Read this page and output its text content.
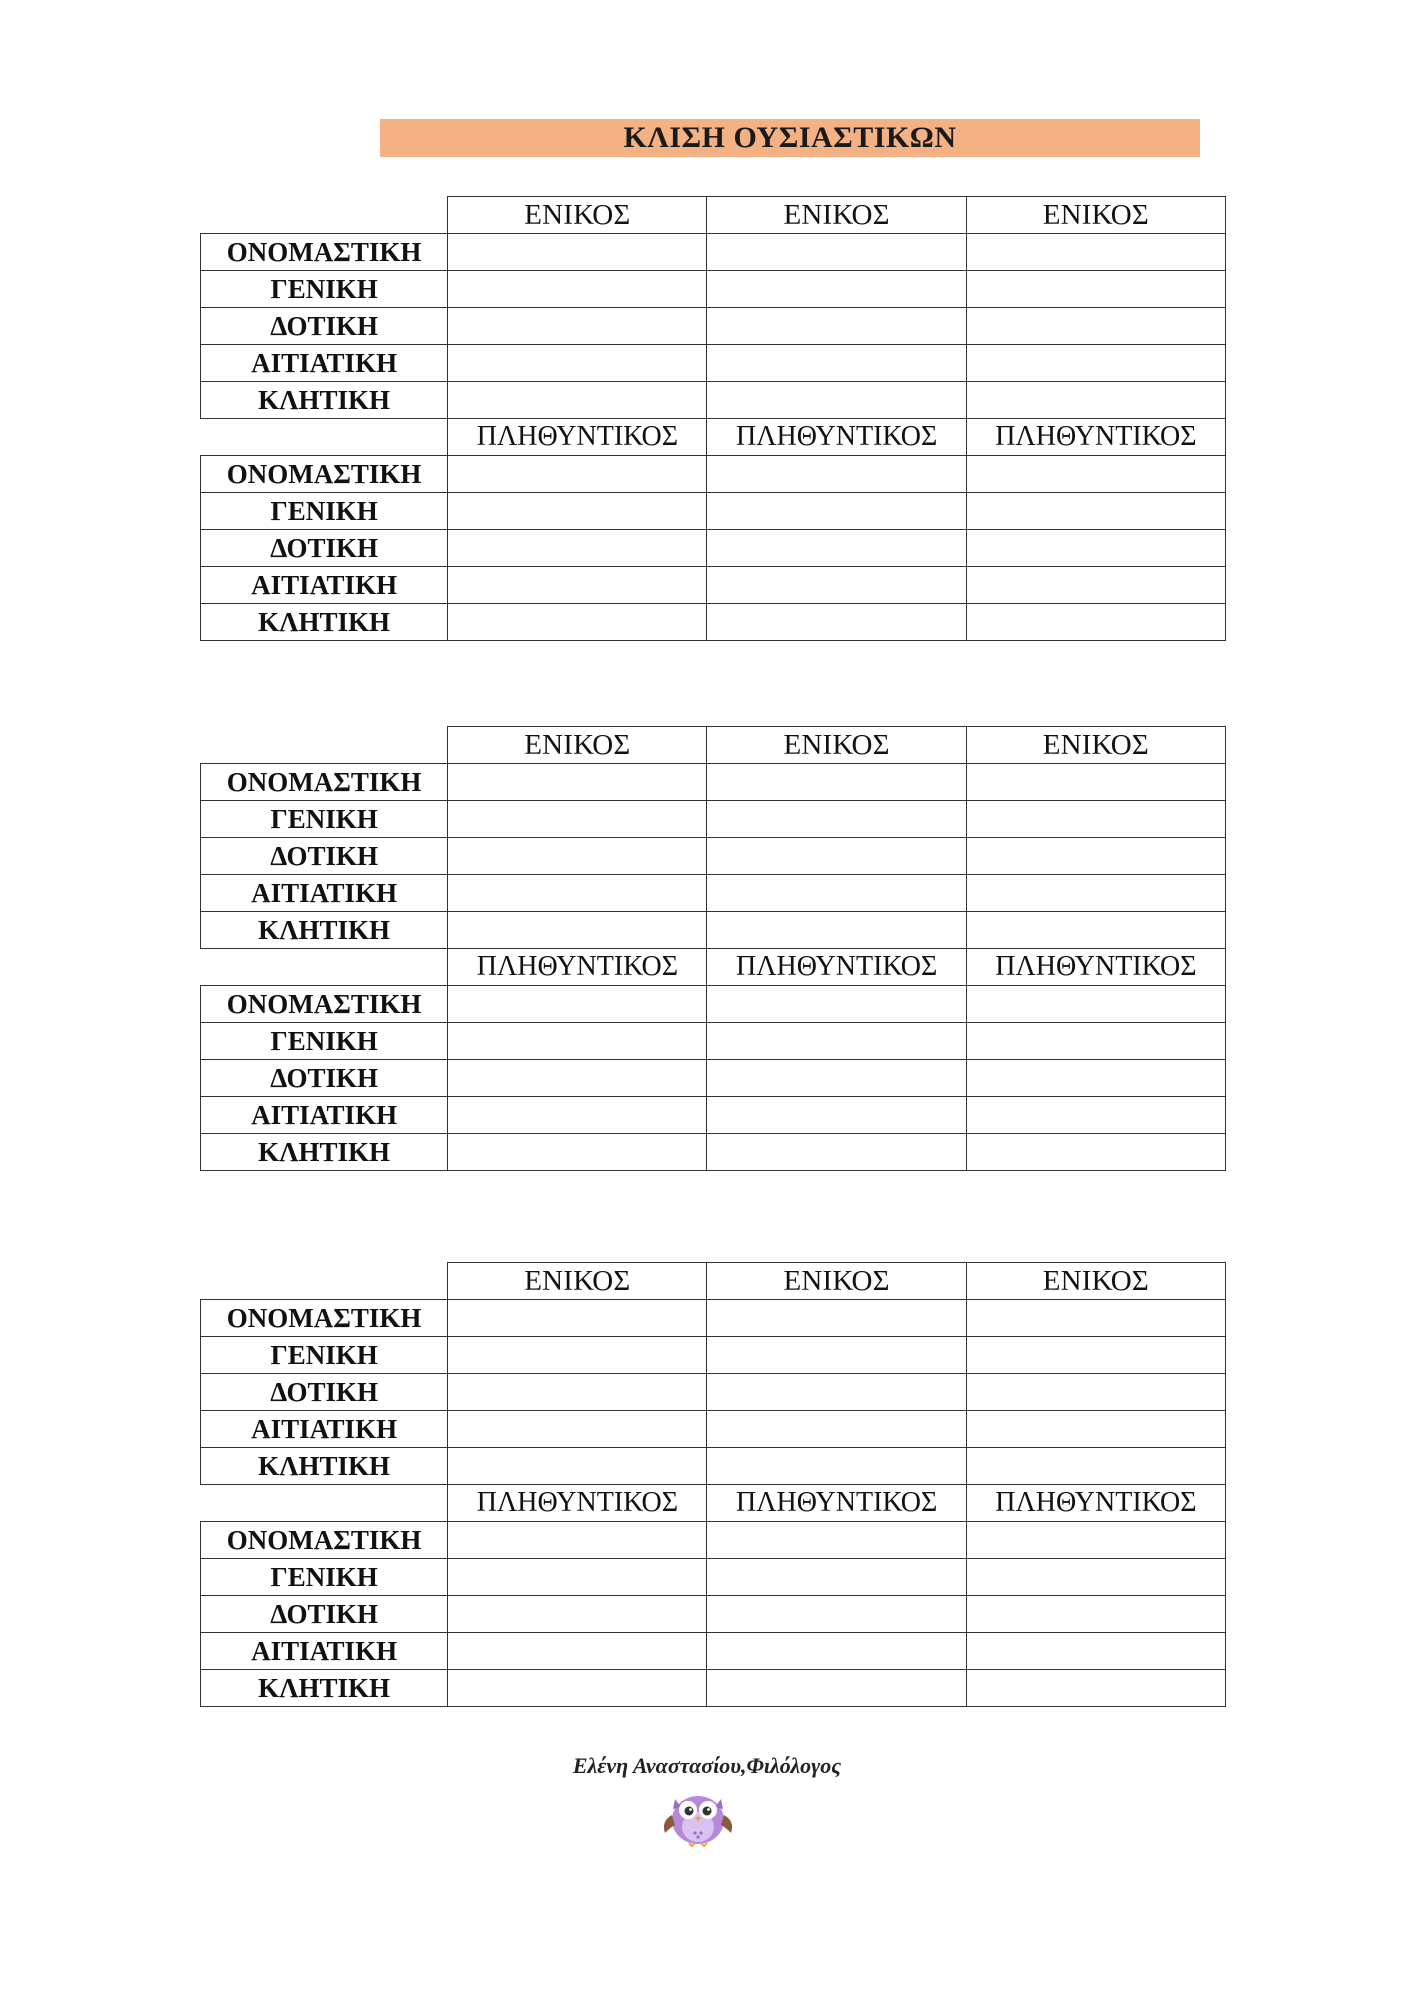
ΚΛΙΣΗ ΟΥΣΙΑΣΤΙΚΩΝ
	ΕΝΙΚΟΣ	ΕΝΙΚΟΣ	ΕΝΙΚΟΣ
ΟΝΟΜΑΣΤΙΚΗ			
ΓΕΝΙΚΗ			
ΔΟΤΙΚΗ			
ΑΙΤΙΑΤΙΚΗ			
ΚΛΗΤΙΚΗ			
	ΠΛΗΘΥΝΤΙΚΟΣ	ΠΛΗΘΥΝΤΙΚΟΣ	ΠΛΗΘΥΝΤΙΚΟΣ
ΟΝΟΜΑΣΤΙΚΗ			
ΓΕΝΙΚΗ			
ΔΟΤΙΚΗ			
ΑΙΤΙΑΤΙΚΗ			
ΚΛΗΤΙΚΗ			
	ΕΝΙΚΟΣ	ΕΝΙΚΟΣ	ΕΝΙΚΟΣ
ΟΝΟΜΑΣΤΙΚΗ			
ΓΕΝΙΚΗ			
ΔΟΤΙΚΗ			
ΑΙΤΙΑΤΙΚΗ			
ΚΛΗΤΙΚΗ			
	ΠΛΗΘΥΝΤΙΚΟΣ	ΠΛΗΘΥΝΤΙΚΟΣ	ΠΛΗΘΥΝΤΙΚΟΣ
ΟΝΟΜΑΣΤΙΚΗ			
ΓΕΝΙΚΗ			
ΔΟΤΙΚΗ			
ΑΙΤΙΑΤΙΚΗ			
ΚΛΗΤΙΚΗ			
	ΕΝΙΚΟΣ	ΕΝΙΚΟΣ	ΕΝΙΚΟΣ
ΟΝΟΜΑΣΤΙΚΗ			
ΓΕΝΙΚΗ			
ΔΟΤΙΚΗ			
ΑΙΤΙΑΤΙΚΗ			
ΚΛΗΤΙΚΗ			
	ΠΛΗΘΥΝΤΙΚΟΣ	ΠΛΗΘΥΝΤΙΚΟΣ	ΠΛΗΘΥΝΤΙΚΟΣ
ΟΝΟΜΑΣΤΙΚΗ			
ΓΕΝΙΚΗ			
ΔΟΤΙΚΗ			
ΑΙΤΙΑΤΙΚΗ			
ΚΛΗΤΙΚΗ			
Ελένη Αναστασίου,Φιλόλογος
